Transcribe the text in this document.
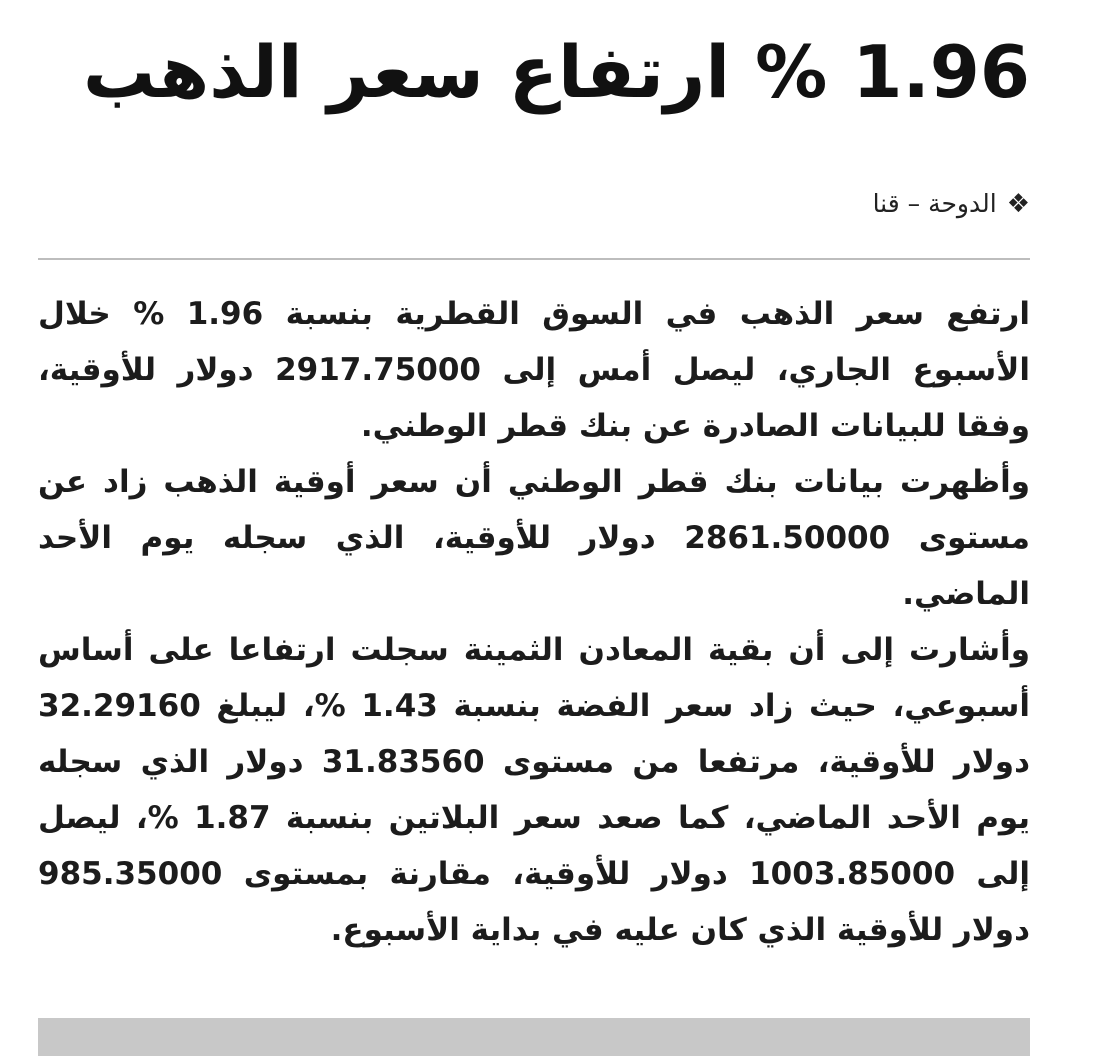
1.96 % ارتفاع سعر الذهب
❖
الدوحة – قنا

ارتفع سعر الذهب في السوق القطرية بنسبة 1.96 % خلال الأسبوع الجاري، ليصل أمس إلى 2917.75000 دولار للأوقية، وفقا للبيانات الصادرة عن بنك قطر الوطني.

وأظهرت بيانات بنك قطر الوطني أن سعر أوقية الذهب زاد عن مستوى 2861.50000 دولار للأوقية، الذي سجله يوم الأحد الماضي.

وأشارت إلى أن بقية المعادن الثمينة سجلت ارتفاعا على أساس أسبوعي، حيث زاد سعر الفضة بنسبة 1.43 %، ليبلغ 32.29160 دولار للأوقية، مرتفعا من مستوى 31.83560 دولار الذي سجله يوم الأحد الماضي، كما صعد سعر البلاتين بنسبة 1.87 %، ليصل إلى 1003.85000 دولار للأوقية، مقارنة بمستوى 985.35000 دولار للأوقية الذي كان عليه في بداية الأسبوع.
